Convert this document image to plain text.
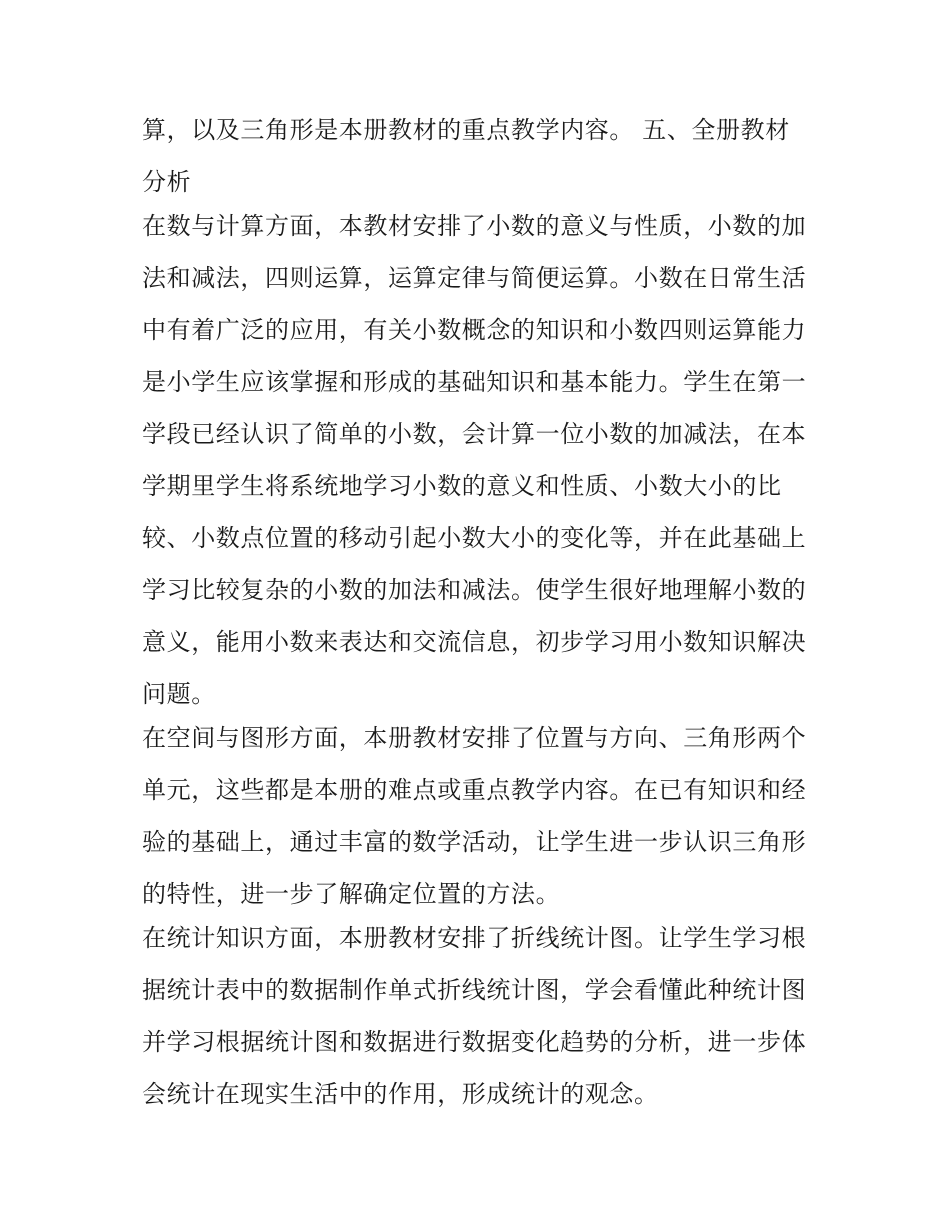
算，以及三角形是本册教材的重点教学内容。 五、全册教材
分析
在数与计算方面，本教材安排了小数的意义与性质，小数的加
法和减法，四则运算，运算定律与简便运算。小数在日常生活
中有着广泛的应用，有关小数概念的知识和小数四则运算能力
是小学生应该掌握和形成的基础知识和基本能力。学生在第一
学段已经认识了简单的小数，会计算一位小数的加减法，在本
学期里学生将系统地学习小数的意义和性质、小数大小的比
较、小数点位置的移动引起小数大小的变化等，并在此基础上
学习比较复杂的小数的加法和减法。使学生很好地理解小数的
意义，能用小数来表达和交流信息，初步学习用小数知识解决
问题。
在空间与图形方面，本册教材安排了位置与方向、三角形两个
单元，这些都是本册的难点或重点教学内容。在已有知识和经
验的基础上，通过丰富的数学活动，让学生进一步认识三角形
的特性，进一步了解确定位置的方法。
在统计知识方面，本册教材安排了折线统计图。让学生学习根
据统计表中的数据制作单式折线统计图，学会看懂此种统计图
并学习根据统计图和数据进行数据变化趋势的分析，进一步体
会统计在现实生活中的作用，形成统计的观念。
